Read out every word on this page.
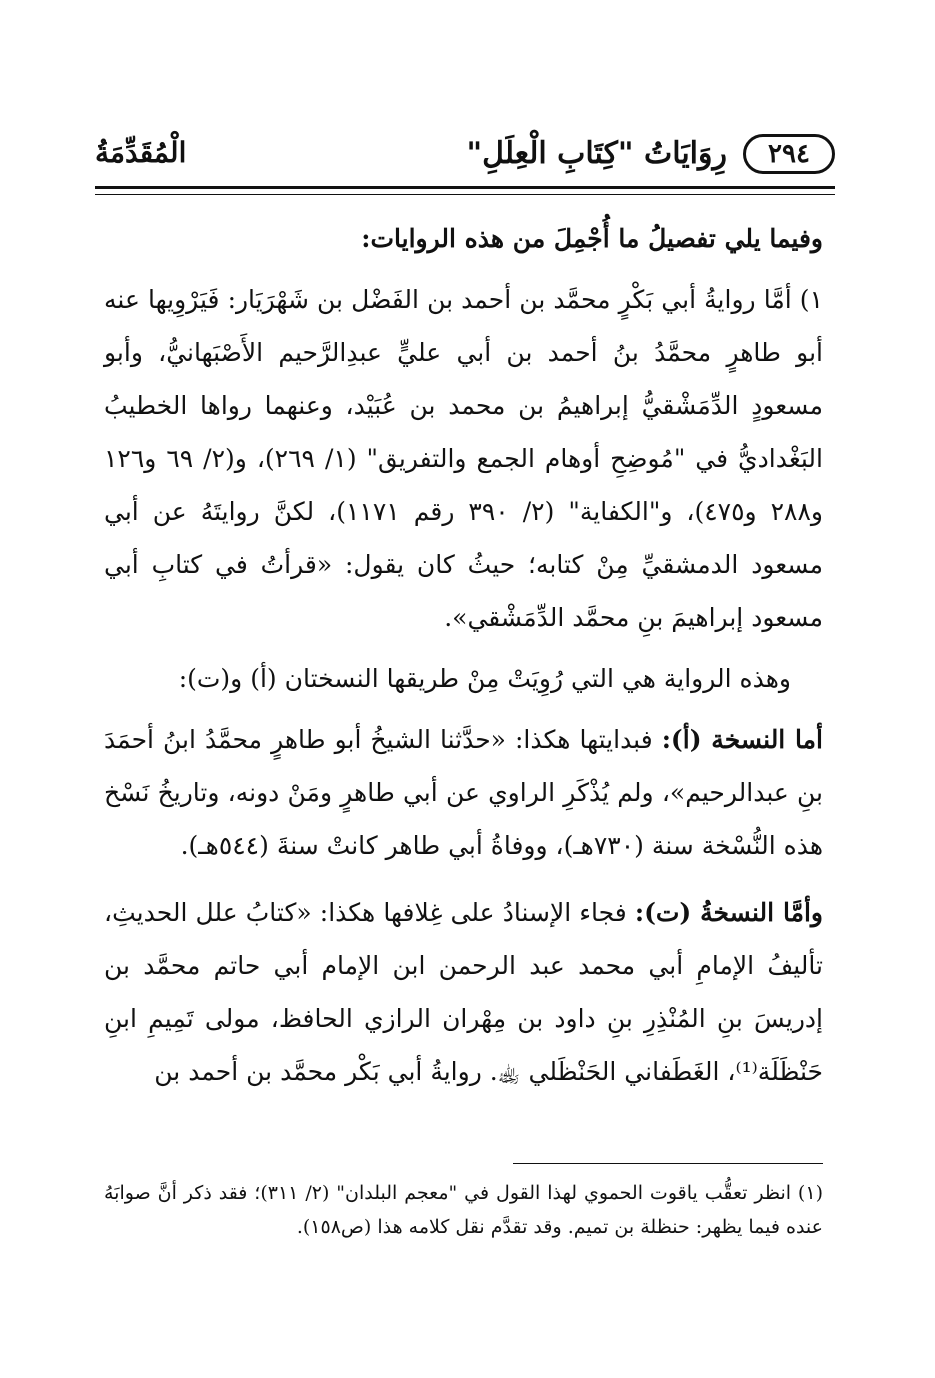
٢٩٤
رِوَايَاتُ "كِتَابِ الْعِلَلِ"
الْمُقَدِّمَةُ

وفيما يلي تفصيلُ ما أُجْمِلَ من هذه الروايات:

١) أمَّا روايةُ أبي بَكْرٍ محمَّد بن أحمد بن الفَضْل بن شَهْرَيَار: فَيَرْوِيها عنه أبو طاهرٍ محمَّدُ بنُ أحمد بن أبي عليٍّ عبدِالرَّحيم الأَصْبَهانيُّ، وأبو مسعودٍ الدِّمَشْقيُّ إبراهيمُ بن محمد بن عُبَيْد، وعنهما رواها الخطيبُ البَغْداديُّ في "مُوضِحِ أوهام الجمع والتفريق" (١/ ٢٦٩)، و(٢/ ٦٩ و١٢٦ و٢٨٨ و٤٧٥)، و"الكفاية" (٢/ ٣٩٠ رقم ١١٧١)، لكنَّ روايتَهُ عن أبي مسعود الدمشقيِّ مِنْ كتابه؛ حيثُ كان يقول: «قرأتُ في كتابِ أبي مسعود إبراهيمَ بنِ محمَّد الدِّمَشْقي».

وهذه الرواية هي التي رُوِيَتْ مِنْ طريقها النسختان (أ) و(ت):

أما النسخة (أ): فبدايتها هكذا: «حدَّثنا الشيخُ أبو طاهرٍ محمَّدُ ابنُ أحمَدَ بنِ عبدالرحيم»، ولم يُذْكَرِ الراوي عن أبي طاهرٍ ومَنْ دونه، وتاريخُ نَسْخ هذه النُّسْخة سنة (٧٣٠هـ)، ووفاةُ أبي طاهر كانتْ سنةَ (٥٤٤هـ).

وأمَّا النسخةُ (ت): فجاء الإسنادُ على غِلافها هكذا: «كتابُ علل الحديثِ، تأليفُ الإمامِ أبي محمد عبد الرحمن ابن الإمام أبي حاتم محمَّد بن إدريسَ بنِ المُنْذِرِ بنِ داود بن مِهْران الرازي الحافظ، مولى تَمِيمِ ابنِ حَنْظَلَة⁽¹⁾، الغَطَفاني الحَنْظَلي ﵀. روايةُ أبي بَكْر محمَّد بن أحمد بن

(١) انظر تعقُّب ياقوت الحموي لهذا القول في "معجم البلدان" (٢/ ٣١١)؛ فقد ذكر أنَّ صوابَهُ عنده فيما يظهر: حنظلة بن تميم. وقد تقدَّم نقل كلامه هذا (ص١٥٨).
